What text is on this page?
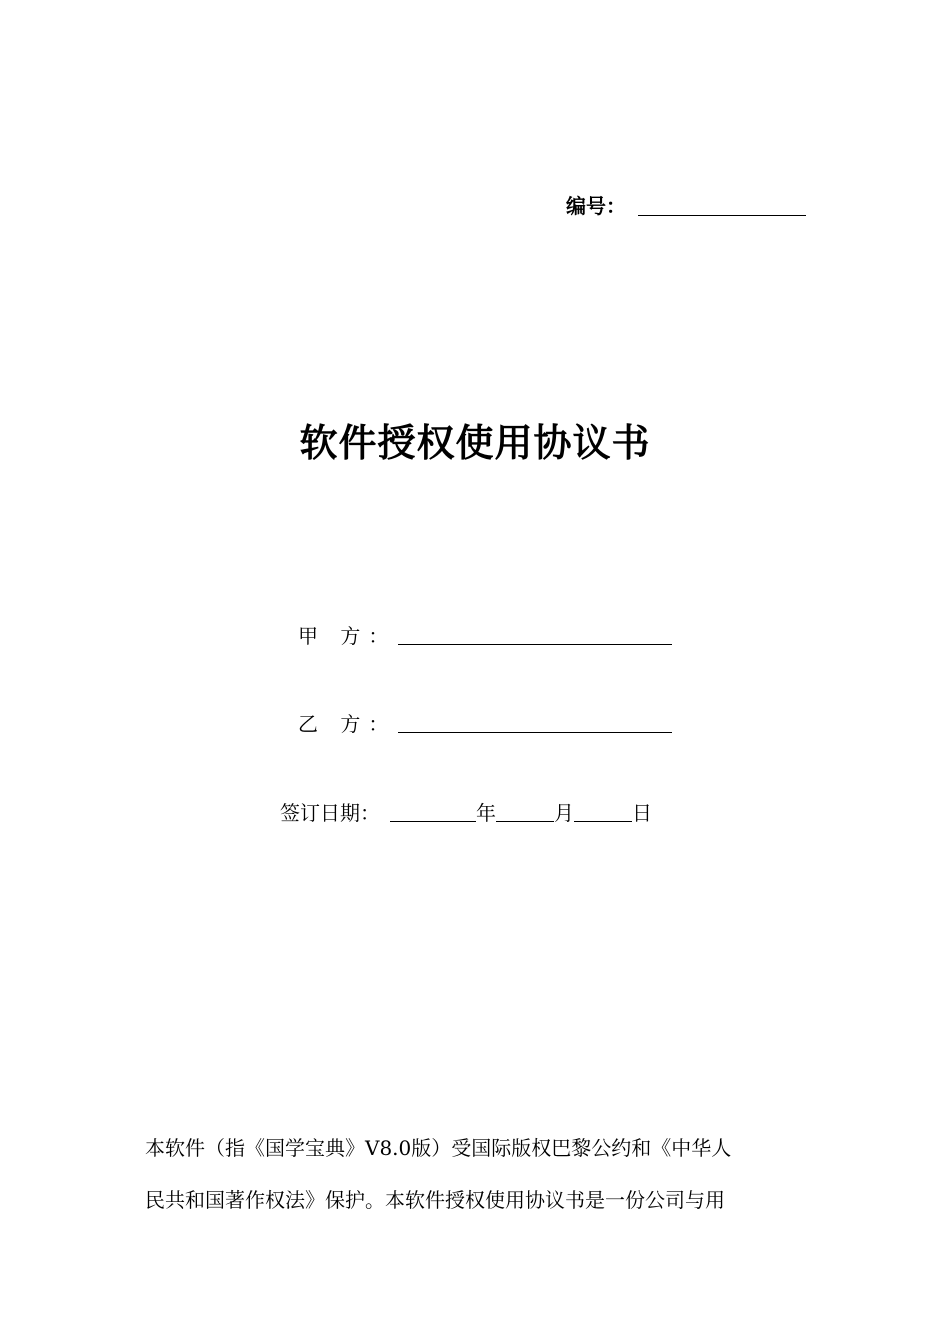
编号：
软件授权使用协议书
甲 方：
乙 方：
签订日期：	年	月	日

本软件（指《国学宝典》V8.0版）受国际版权巴黎公约和《中华人

民共和国著作权法》保护。本软件授权使用协议书是一份公司与用
